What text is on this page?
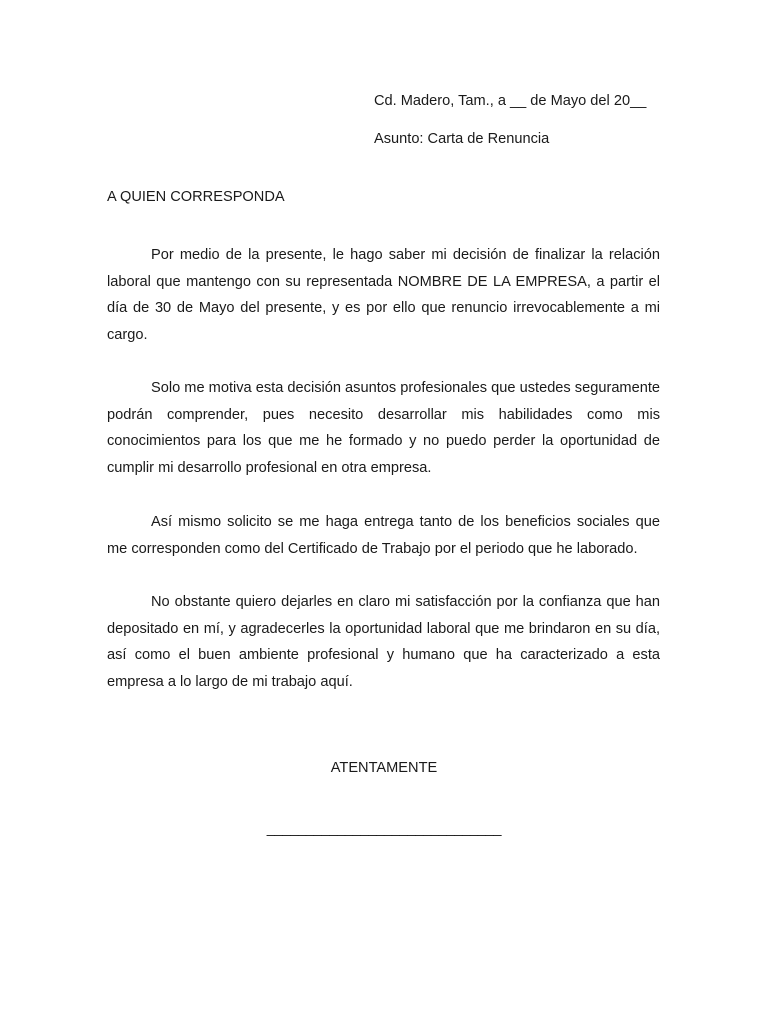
Cd. Madero, Tam., a __ de Mayo del 20__

Asunto: Carta de Renuncia

A QUIEN CORRESPONDA

Por medio de la presente, le hago saber mi decisión de finalizar la relación laboral que mantengo con su representada NOMBRE DE LA EMPRESA, a partir el día de 30 de Mayo del presente, y es por ello que renuncio irrevocablemente a mi cargo.

Solo me motiva esta decisión asuntos profesionales que ustedes seguramente podrán comprender, pues necesito desarrollar mis habilidades como mis conocimientos para los que me he formado y no puedo perder la oportunidad de cumplir mi desarrollo profesional en otra empresa.

Así mismo solicito se me haga entrega tanto de los beneficios sociales que me corresponden como del Certificado de Trabajo por el periodo que he laborado.

No obstante quiero dejarles en claro mi satisfacción por la confianza que han depositado en mí, y agradecerles la oportunidad laboral que me brindaron en su día, así como el buen ambiente profesional y humano que ha caracterizado a esta empresa a lo largo de mi trabajo aquí.

ATENTAMENTE

______________________________
